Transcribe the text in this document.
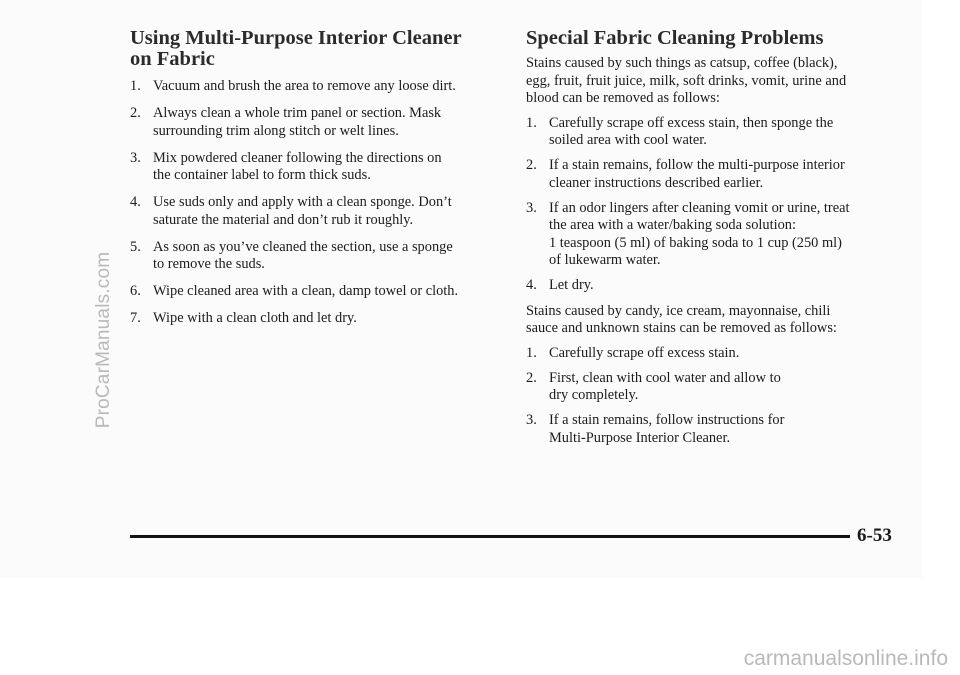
Using Multi-Purpose Interior Cleaner
on Fabric
1. Vacuum and brush the area to remove any loose dirt.
2. Always clean a whole trim panel or section. Mask
surrounding trim along stitch or welt lines.
3. Mix powdered cleaner following the directions on
the container label to form thick suds.
4. Use suds only and apply with a clean sponge. Don’t
saturate the material and don’t rub it roughly.
5. As soon as you’ve cleaned the section, use a sponge
to remove the suds.
6. Wipe cleaned area with a clean, damp towel or cloth.
7. Wipe with a clean cloth and let dry.
Special Fabric Cleaning Problems

Stains caused by such things as catsup, coffee (black),
egg, fruit, fruit juice, milk, soft drinks, vomit, urine and
blood can be removed as follows:

1. Carefully scrape off excess stain, then sponge the
soiled area with cool water.
2. If a stain remains, follow the multi-purpose interior
cleaner instructions described earlier.
3. If an odor lingers after cleaning vomit or urine, treat
the area with a water/baking soda solution:
1 teaspoon (5 ml) of baking soda to 1 cup (250 ml)
of lukewarm water.
4. Let dry.

Stains caused by candy, ice cream, mayonnaise, chili
sauce and unknown stains can be removed as follows:

1. Carefully scrape off excess stain.
2. First, clean with cool water and allow to
dry completely.
3. If a stain remains, follow instructions for
Multi-Purpose Interior Cleaner.
6-53
ProCarManuals.com
carmanualsonline.info
